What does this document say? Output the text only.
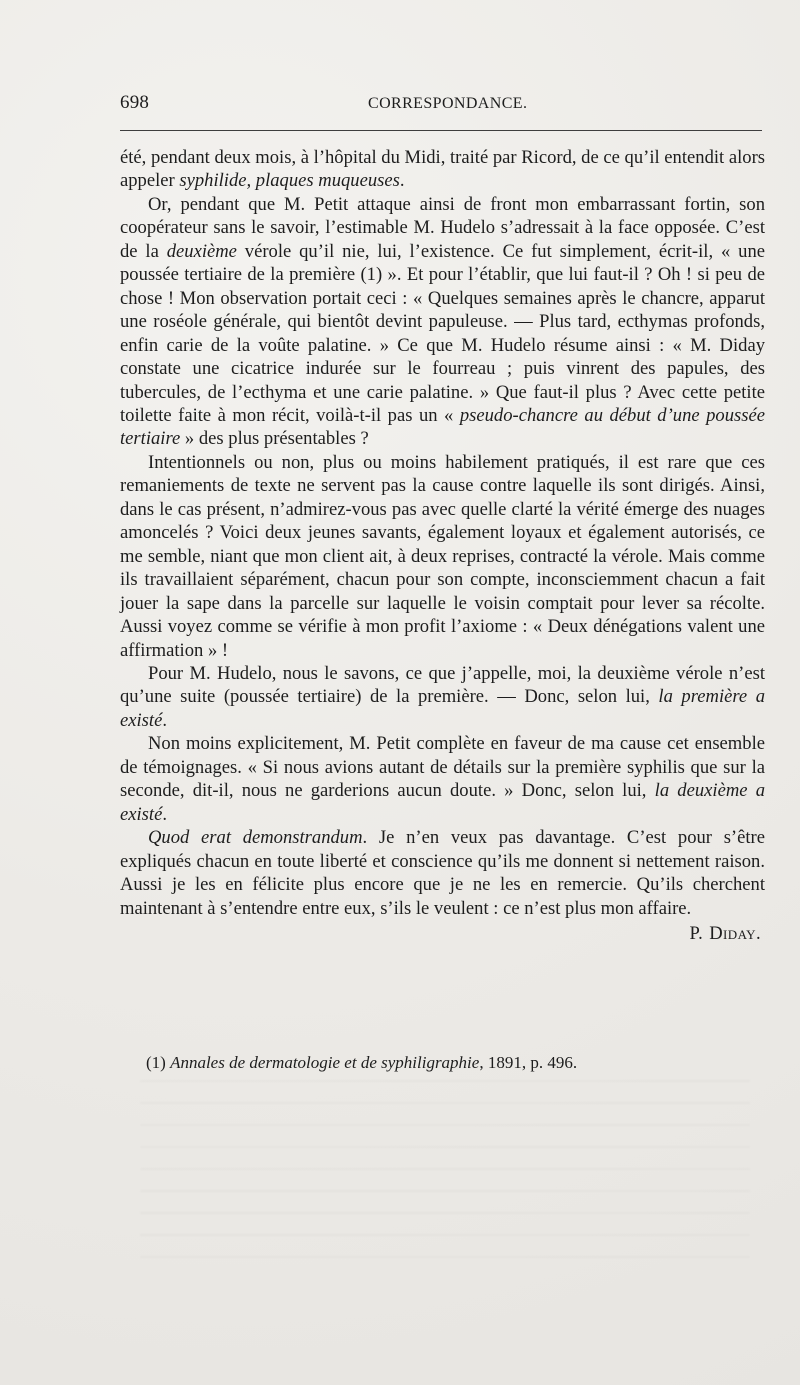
698	CORRESPONDANCE.

été, pendant deux mois, à l’hôpital du Midi, traité par Ricord, de ce qu’il entendit alors appeler syphilide, plaques muqueuses.

Or, pendant que M. Petit attaque ainsi de front mon embarrassant fortin, son coopérateur sans le savoir, l’estimable M. Hudelo s’adressait à la face opposée. C’est de la deuxième vérole qu’il nie, lui, l’existence. Ce fut simplement, écrit-il, « une poussée tertiaire de la première (1) ». Et pour l’établir, que lui faut-il ? Oh ! si peu de chose ! Mon observation portait ceci : « Quelques semaines après le chancre, apparut une roséole générale, qui bientôt devint papuleuse. — Plus tard, ecthymas profonds, enfin carie de la voûte palatine. » Ce que M. Hudelo résume ainsi : « M. Diday constate une cicatrice indurée sur le fourreau ; puis vinrent des papules, des tubercules, de l’ecthyma et une carie palatine. » Que faut-il plus ? Avec cette petite toilette faite à mon récit, voilà-t-il pas un « pseudo-chancre au début d’une poussée tertiaire » des plus présentables ?

Intentionnels ou non, plus ou moins habilement pratiqués, il est rare que ces remaniements de texte ne servent pas la cause contre laquelle ils sont dirigés. Ainsi, dans le cas présent, n’admirez-vous pas avec quelle clarté la vérité émerge des nuages amoncelés ? Voici deux jeunes savants, également loyaux et également autorisés, ce me semble, niant que mon client ait, à deux reprises, contracté la vérole. Mais comme ils travaillaient séparément, chacun pour son compte, inconsciemment chacun a fait jouer la sape dans la parcelle sur laquelle le voisin comptait pour lever sa récolte. Aussi voyez comme se vérifie à mon profit l’axiome : « Deux dénégations valent une affirmation » !

Pour M. Hudelo, nous le savons, ce que j’appelle, moi, la deuxième vérole n’est qu’une suite (poussée tertiaire) de la première. — Donc, selon lui, la première a existé.

Non moins explicitement, M. Petit complète en faveur de ma cause cet ensemble de témoignages. « Si nous avions autant de détails sur la première syphilis que sur la seconde, dit-il, nous ne garderions aucun doute. » Donc, selon lui, la deuxième a existé.

Quod erat demonstrandum. Je n’en veux pas davantage. C’est pour s’être expliqués chacun en toute liberté et conscience qu’ils me donnent si nettement raison. Aussi je les en félicite plus encore que je ne les en remercie. Qu’ils cherchent maintenant à s’entendre entre eux, s’ils le veulent : ce n’est plus mon affaire.

P. Diday.
(1) Annales de dermatologie et de syphiligraphie, 1891, p. 496.
